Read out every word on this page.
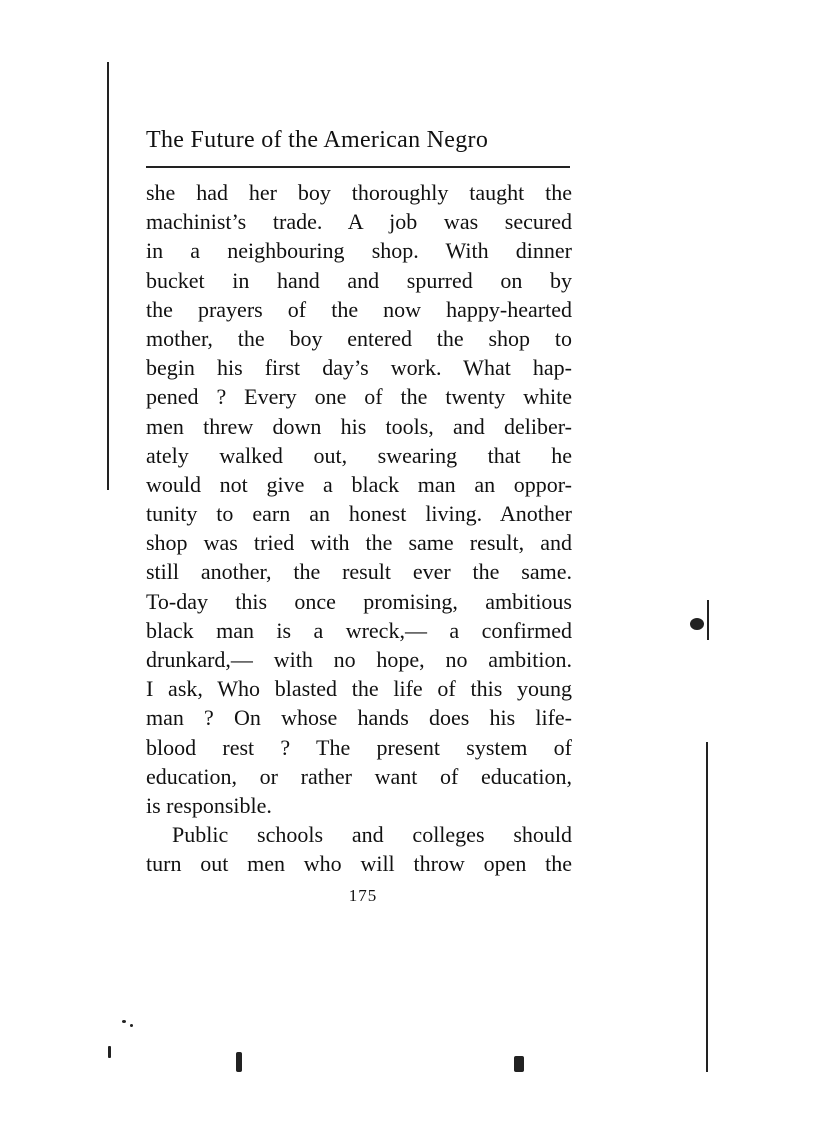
The Future of the American Negro
she had her boy thoroughly taught the
machinist’s trade. A job was secured
in a neighbouring shop. With dinner
bucket in hand and spurred on by
the prayers of the now happy-hearted
mother, the boy entered the shop to
begin his first day’s work. What hap-
pened ? Every one of the twenty white
men threw down his tools, and deliber-
ately walked out, swearing that he
would not give a black man an oppor-
tunity to earn an honest living. Another
shop was tried with the same result, and
still another, the result ever the same.
To-day this once promising, ambitious
black man is a wreck,— a confirmed
drunkard,— with no hope, no ambition.
I ask, Who blasted the life of this young
man ? On whose hands does his life-
blood rest ? The present system of
education, or rather want of education,
is responsible.
Public schools and colleges should
turn out men who will throw open the
175
